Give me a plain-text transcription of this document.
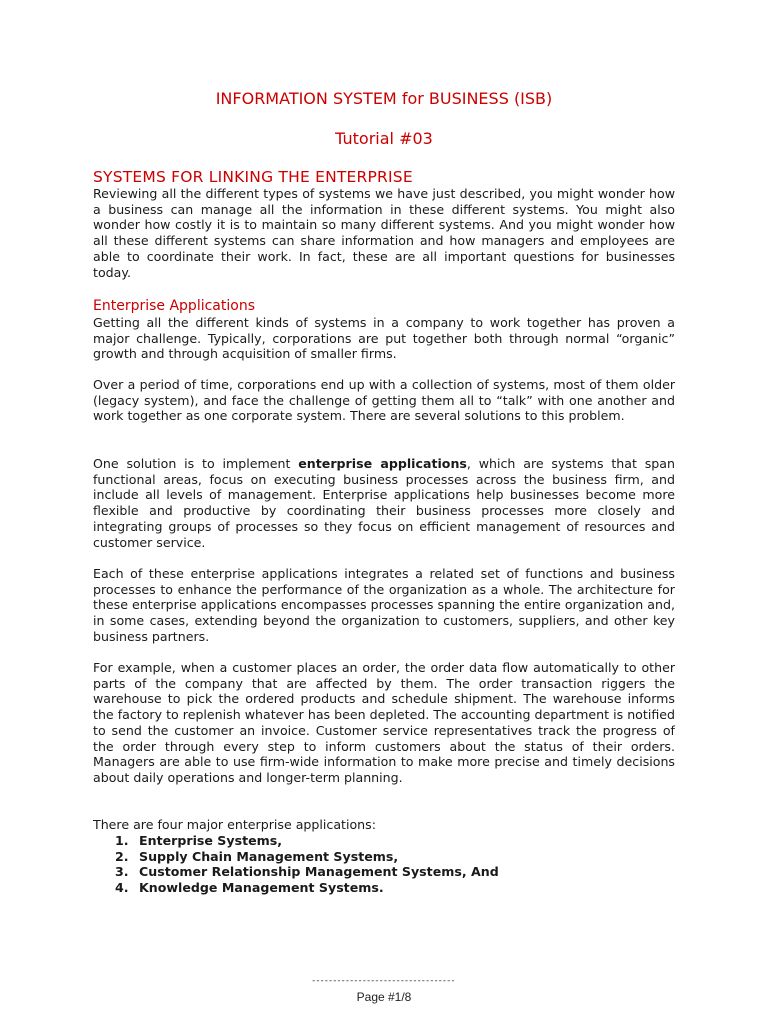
INFORMATION SYSTEM for BUSINESS (ISB)
Tutorial #03
SYSTEMS FOR LINKING THE ENTERPRISE

Reviewing all the different types of systems we have just described, you might wonder how a business can manage all the information in these different systems. You might also wonder how costly it is to maintain so many different systems. And you might wonder how all these different systems can share information and how managers and employees are able to coordinate their work. In fact, these are all important questions for businesses today.

Enterprise Applications

Getting all the different kinds of systems in a company to work together has proven a major challenge. Typically, corporations are put together both through normal “organic” growth and through acquisition of smaller firms.

Over a period of time, corporations end up with a collection of systems, most of them older (legacy system), and face the challenge of getting them all to “talk” with one another and work together as one corporate system. There are several solutions to this problem.

One solution is to implement enterprise applications, which are systems that span functional areas, focus on executing business processes across the business firm, and include all levels of management. Enterprise applications help businesses become more flexible and productive by coordinating their business processes more closely and integrating groups of processes so they focus on efficient management of resources and customer service.

Each of these enterprise applications integrates a related set of functions and business processes to enhance the performance of the organization as a whole. The architecture for these enterprise applications encompasses processes spanning the entire organization and, in some cases, extending beyond the organization to customers, suppliers, and other key business partners.

For example, when a customer places an order, the order data flow automatically to other parts of the company that are affected by them. The order transaction riggers the warehouse to pick the ordered products and schedule shipment. The warehouse informs the factory to replenish whatever has been depleted. The accounting department is notified to send the customer an invoice. Customer service representatives track the progress of the order through every step to inform customers about the status of their orders. Managers are able to use firm-wide information to make more precise and timely decisions about daily operations and longer-term planning.

There are four major enterprise applications:

1. Enterprise Systems,
2. Supply Chain Management Systems,
3. Customer Relationship Management Systems, And
4. Knowledge Management Systems.
----------------------------------
Page #1/8
